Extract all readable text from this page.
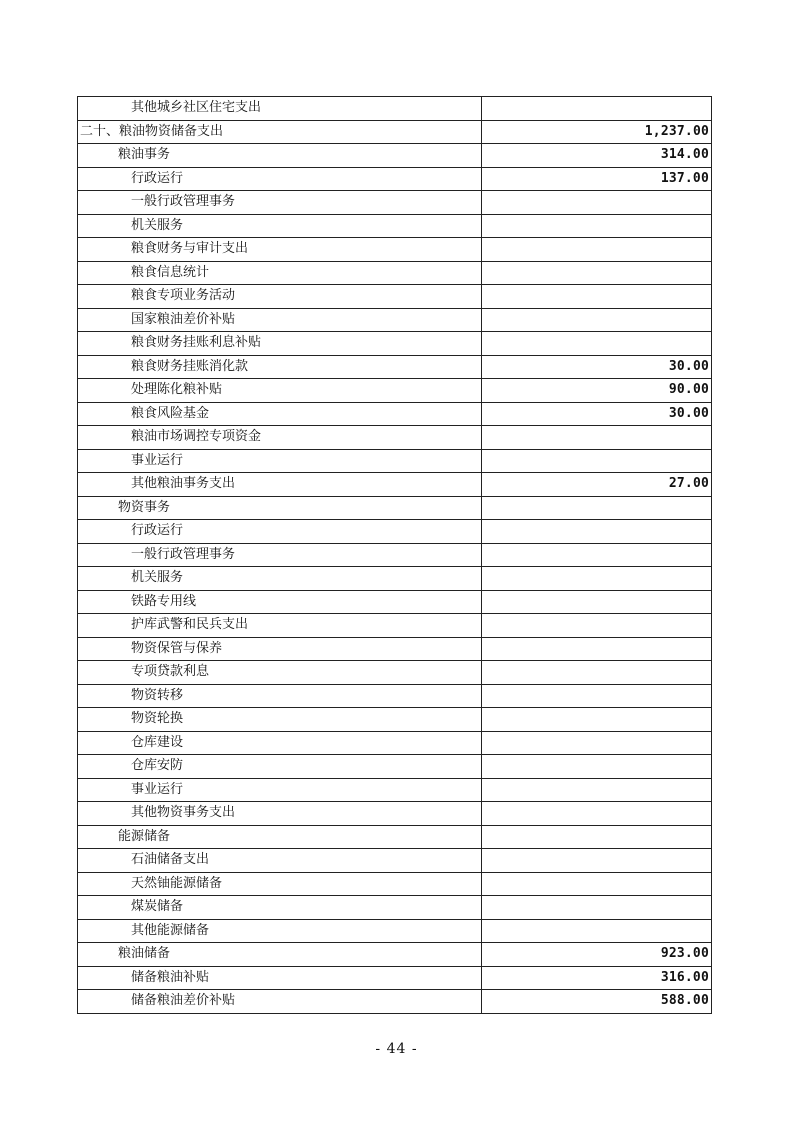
其他城乡社区住宅支出	
二十、粮油物资储备支出	1,237.00
粮油事务	314.00
行政运行	137.00
一般行政管理事务	
机关服务	
粮食财务与审计支出	
粮食信息统计	
粮食专项业务活动	
国家粮油差价补贴	
粮食财务挂账利息补贴	
粮食财务挂账消化款	30.00
处理陈化粮补贴	90.00
粮食风险基金	30.00
粮油市场调控专项资金	
事业运行	
其他粮油事务支出	27.00
物资事务	
行政运行	
一般行政管理事务	
机关服务	
铁路专用线	
护库武警和民兵支出	
物资保管与保养	
专项贷款利息	
物资转移	
物资轮换	
仓库建设	
仓库安防	
事业运行	
其他物资事务支出	
能源储备	
石油储备支出	
天然铀能源储备	
煤炭储备	
其他能源储备	
粮油储备	923.00
储备粮油补贴	316.00
储备粮油差价补贴	588.00
- 44 -
